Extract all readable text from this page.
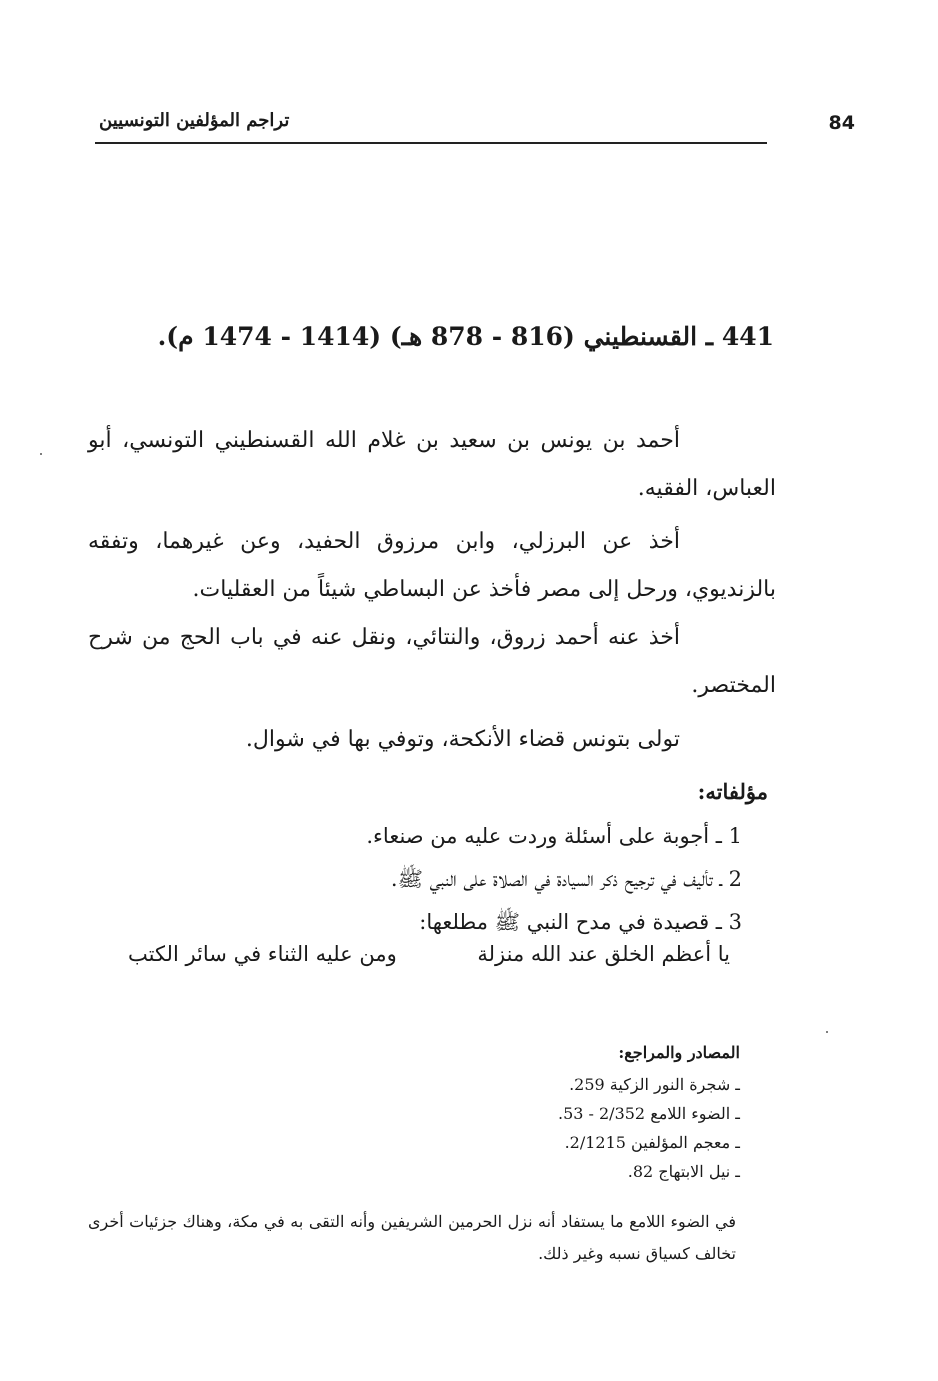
84
تراجم المؤلفين التونسيين
441 ـ القسنطيني (816 - 878 هـ) (1414 - 1474 م).

أحمد بن يونس بن سعيد بن غلام الله القسنطيني التونسي، أبو العباس، الفقيه.

أخذ عن البرزلي، وابن مرزوق الحفيد، وعن غيرهما، وتفقه بالزنديوي، ورحل إلى مصر فأخذ عن البساطي شيئاً من العقليات.

أخذ عنه أحمد زروق، والنتائي، ونقل عنه في باب الحج من شرح المختصر.

تولى بتونس قضاء الأنكحة، وتوفي بها في شوال.

مؤلفاته:
1 ـ أجوبة على أسئلة وردت عليه من صنعاء.
2 ـ تأليف في ترجيح ذكر السيادة في الصلاة على النبي ﷺ.
3 ـ قصيدة في مدح النبي ﷺ مطلعها:
يا أعظم الخلق عند الله منزلة
ومن عليه الثناء في سائر الكتب
المصادر والمراجع:
ـ شجرة النور الزكية 259.
ـ الضوء اللامع 2/352 - 53.
ـ معجم المؤلفين 2/1215.
ـ نيل الابتهاج 82.

في الضوء اللامع ما يستفاد أنه نزل الحرمين الشريفين وأنه التقى به في مكة، وهناك جزئيات أخرى تخالف كسياق نسبه وغير ذلك.
